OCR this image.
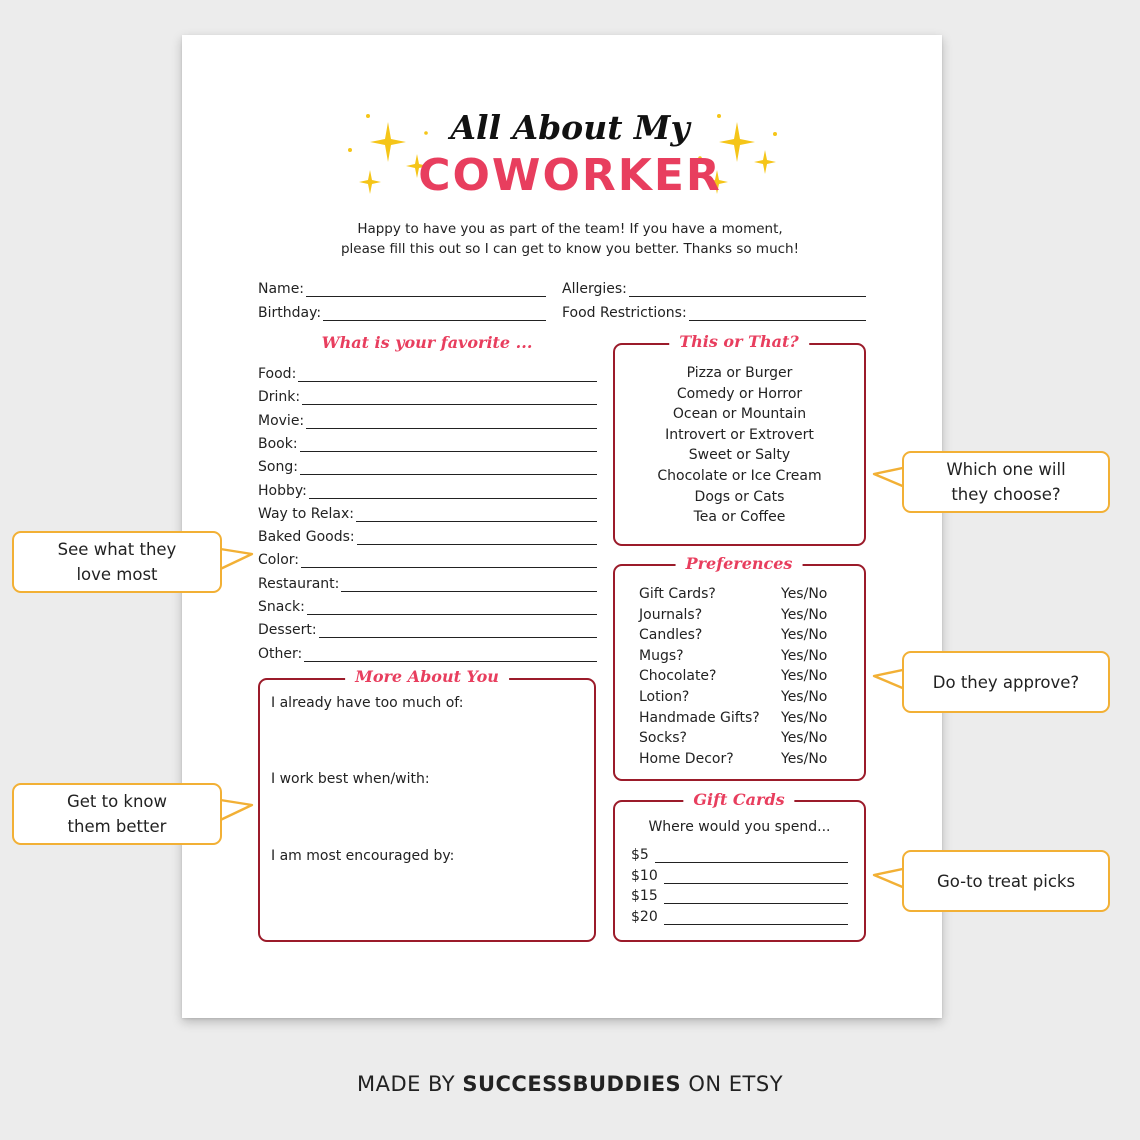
All About My
COWORKER
Happy to have you as part of the team! If you have a moment,
please fill this out so I can get to know you better. Thanks so much!
Name:
Birthday:
Allergies:
Food Restrictions:
What is your favorite ...
Food:
Drink:
Movie:
Book:
Song:
Hobby:
Way to Relax:
Baked Goods:
Color:
Restaurant:
Snack:
Dessert:
Other:
More About You
I already have too much of:
I work best when/with:
I am most encouraged by:
This or That?
Pizza or Burger
Comedy or Horror
Ocean or Mountain
Introvert or Extrovert
Sweet or Salty
Chocolate or Ice Cream
Dogs or Cats
Tea or Coffee
Preferences
Gift Cards?	Yes/No
Journals?	Yes/No
Candles?	Yes/No
Mugs?	Yes/No
Chocolate?	Yes/No
Lotion?	Yes/No
Handmade Gifts?	Yes/No
Socks?	Yes/No
Home Decor?	Yes/No
Gift Cards
Where would you spend...
$5
$10
$15
$20
See what they
love most
Get to know
them better
Which one will
they choose?
Do they approve?
Go-to treat picks
MADE BY SUCCESSBUDDIES ON ETSY
